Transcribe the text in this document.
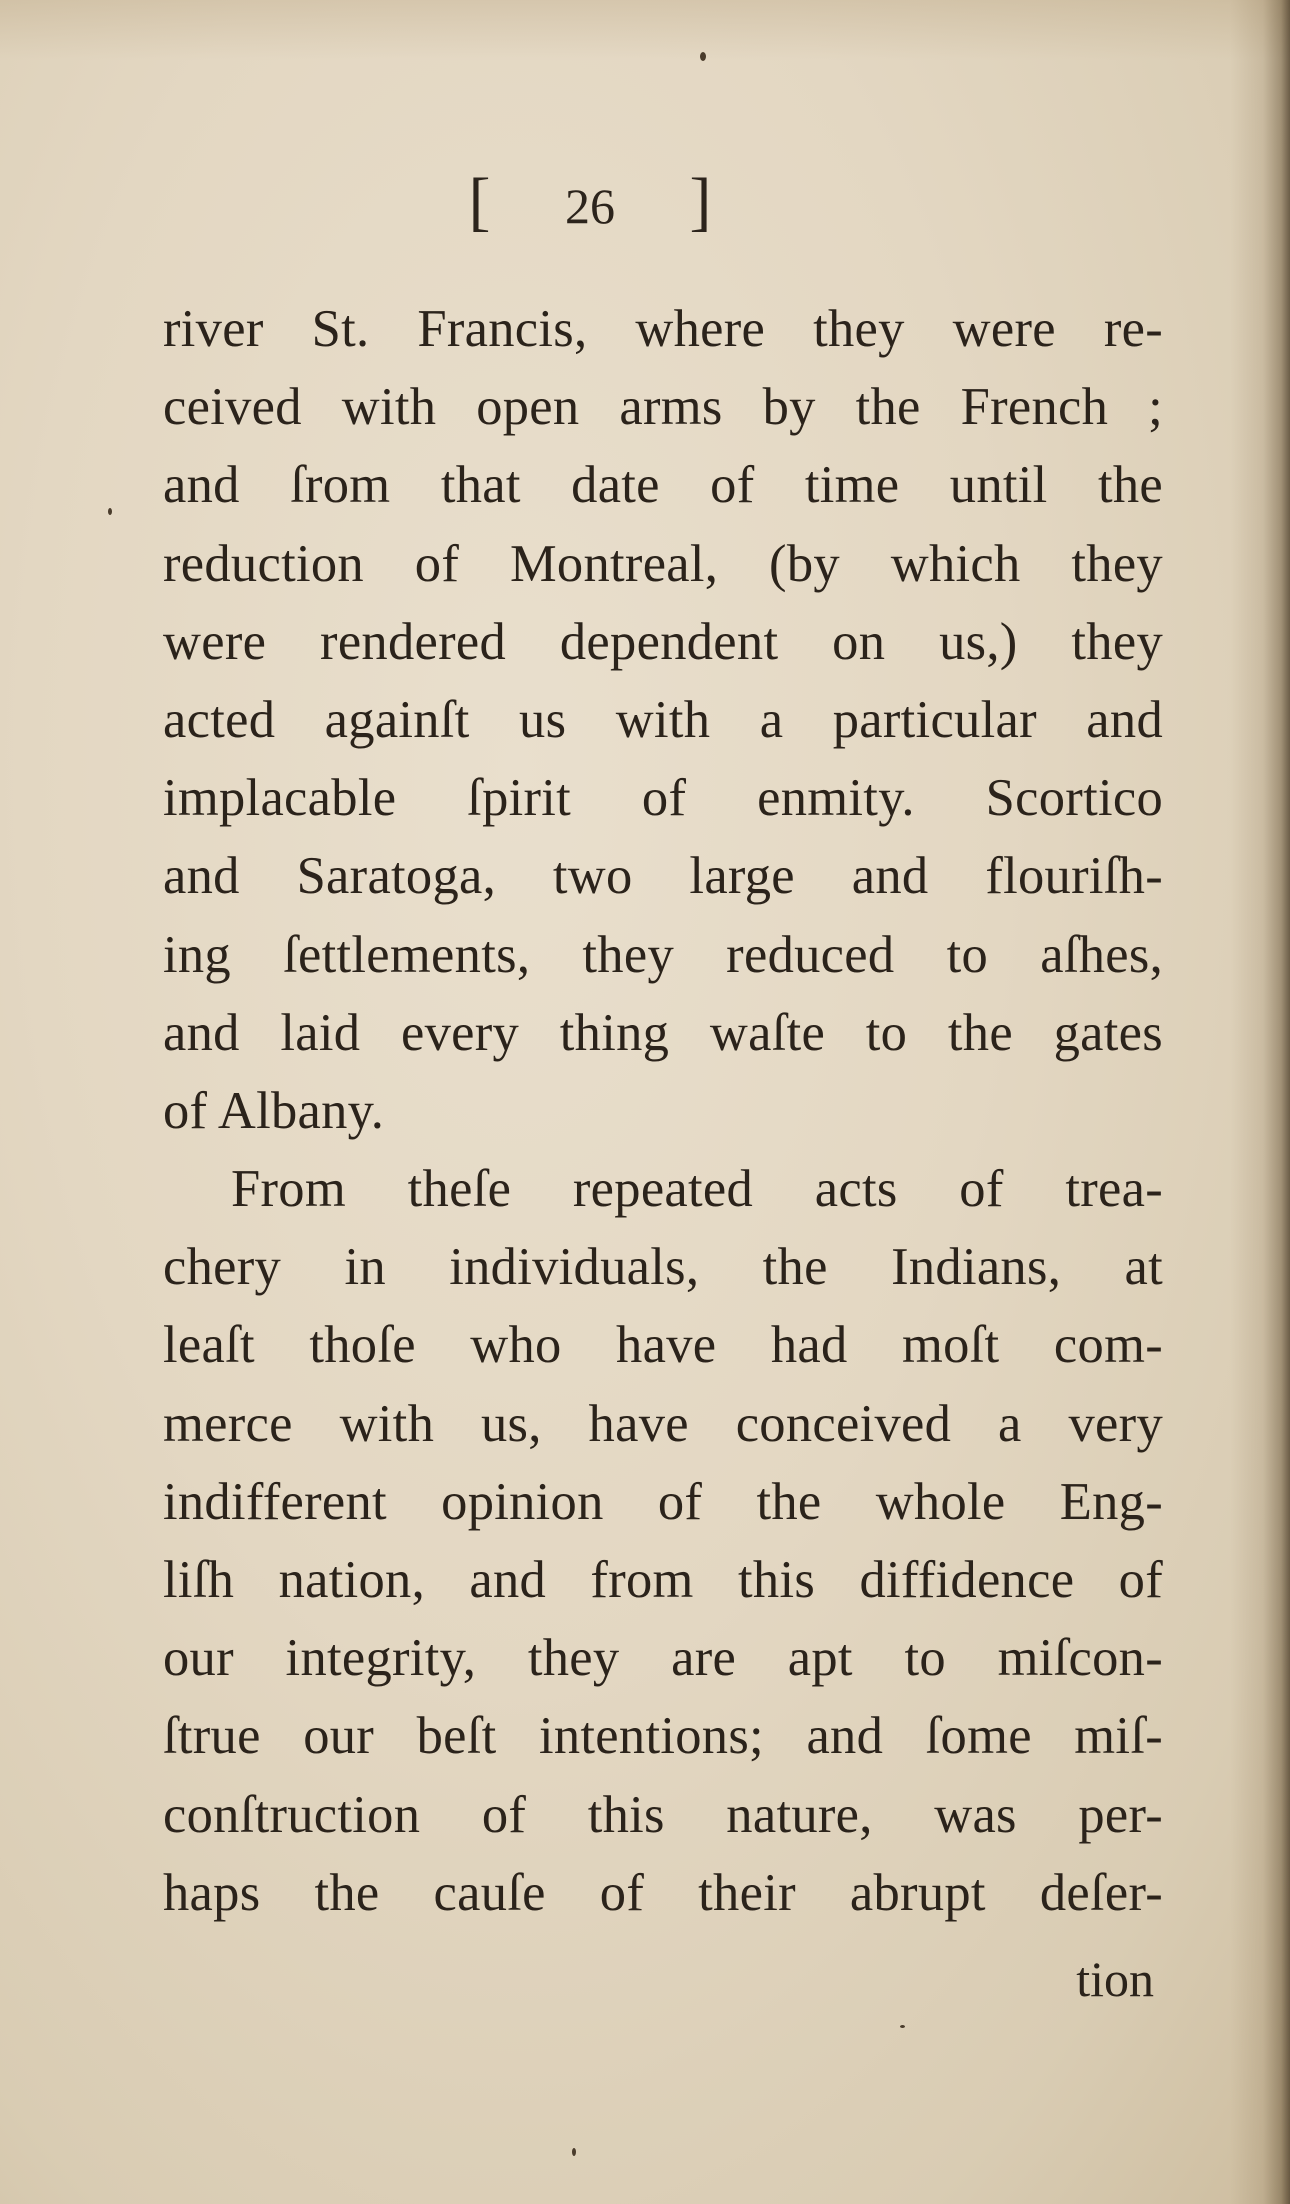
[ 26 ]
river St. Francis, where they were re-
ceived with open arms by the French ;
and ſrom that date of time until the
reduction of Montreal, (by which they
were rendered dependent on us,) they
acted againſt us with a particular and
implacable ſpirit of enmity. Scortico
and Saratoga, two large and flouriſh-
ing ſettlements, they reduced to aſhes,
and laid every thing waſte to the gates
of Albany.
From theſe repeated acts of trea-
chery in individuals, the Indians, at
leaſt thoſe who have had moſt com-
merce with us, have conceived a very
indifferent opinion of the whole Eng-
liſh nation, and from this diffidence of
our integrity, they are apt to miſcon-
ſtrue our beſt intentions; and ſome miſ-
conſtruction of this nature, was per-
haps the cauſe of their abrupt deſer-
tion
